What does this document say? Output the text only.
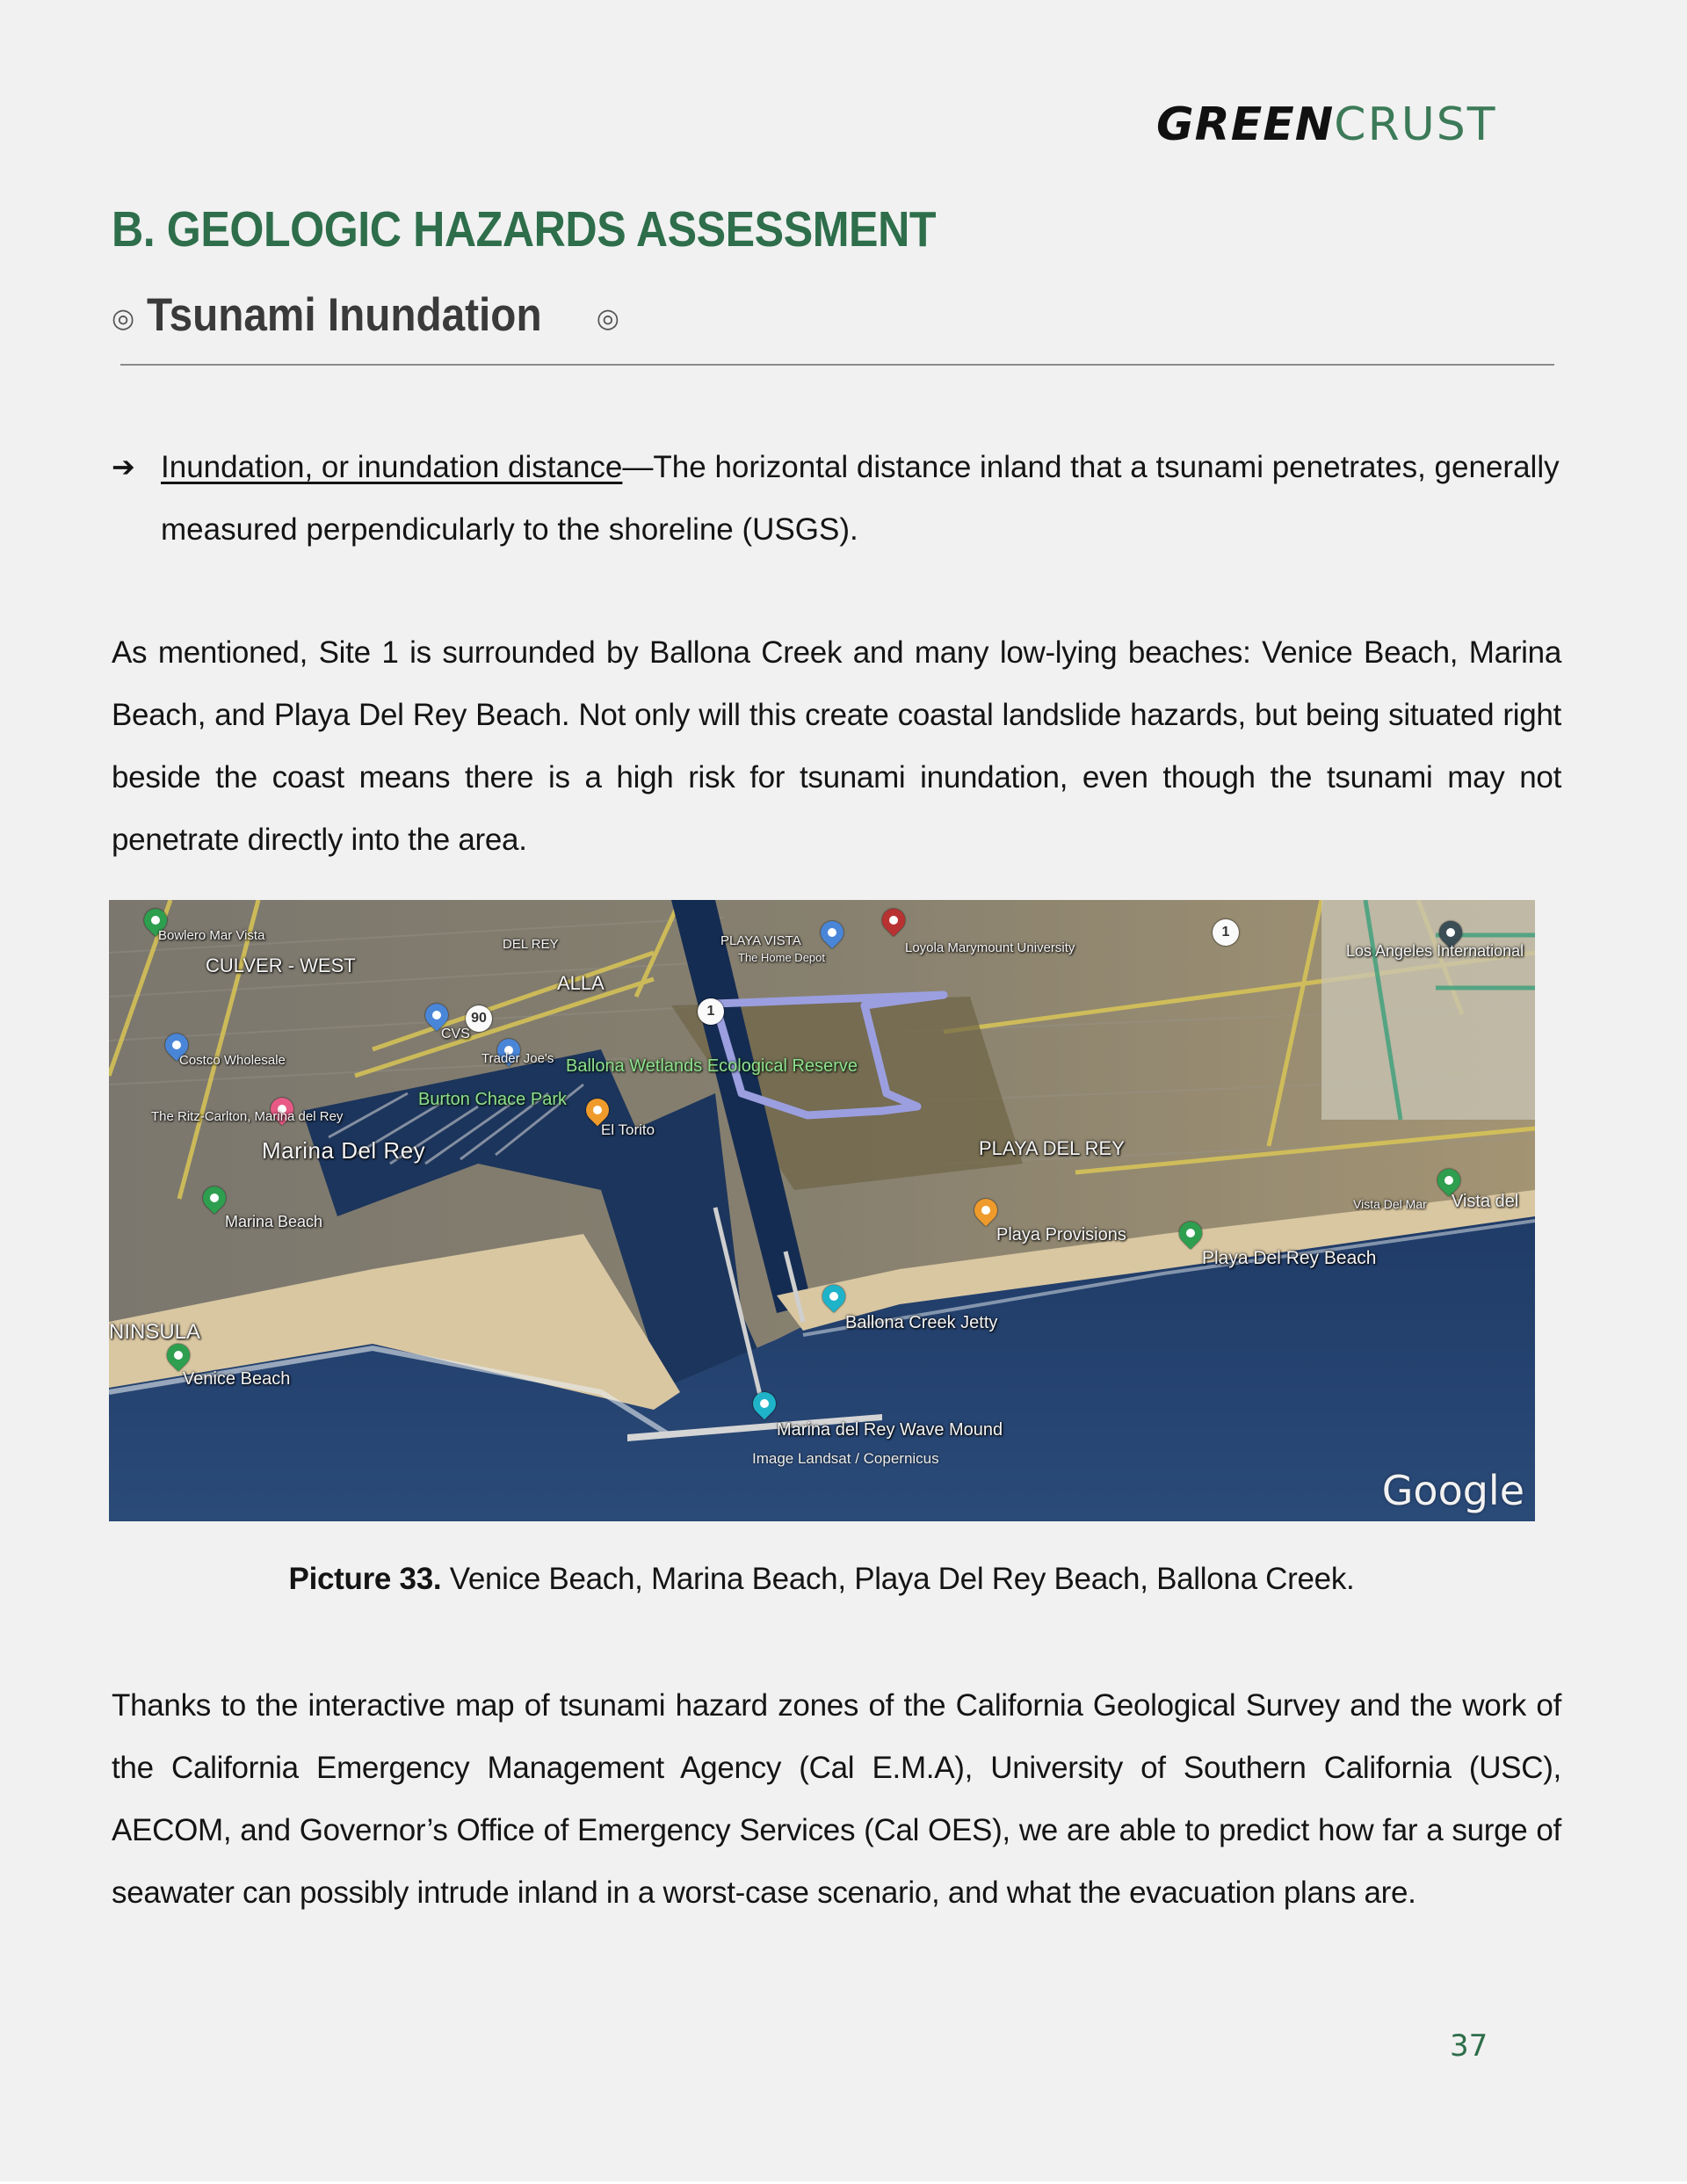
GREENCRUST
B. GEOLOGIC HAZARDS ASSESSMENT
◎ Tsunami Inundation ◎
➔ Inundation, or inundation distance—The horizontal distance inland that a tsunami penetrates, generally measured perpendicularly to the shoreline (USGS).

As mentioned, Site 1 is surrounded by Ballona Creek and many low-lying beaches: Venice Beach, Marina Beach, and Playa Del Rey Beach. Not only will this create coastal landslide hazards, but being situated right beside the coast means there is a high risk for tsunami inundation, even though the tsunami may not penetrate directly into the area.

90	1
1
Bowlero Mar Vista
CULVER - WEST
DEL REY
ALLA
PLAYA VISTA
The Home Depot
Loyola Marymount University	Los Angeles International
Costco Wholesale
CVS
Trader Joe's Ballona Wetlands Ecological Reserve
Burton Chace Park
The Ritz-Carlton, Marina del Rey
El Torito
Marina Del Rey	PLAYA DEL REY
Marina Beach
Playa Provisions
Vista Del Mar Vista del
Playa Del Rey Beach
NINSULA
Venice Beach
Ballona Creek Jetty
Marina del Rey Wave Mound
Image Landsat / Copernicus
Google

Picture 33. Venice Beach, Marina Beach, Playa Del Rey Beach, Ballona Creek.

Thanks to the interactive map of tsunami hazard zones of the California Geological Survey and the work of the California Emergency Management Agency (Cal E.M.A), University of Southern California (USC), AECOM, and Governor’s Office of Emergency Services (Cal OES), we are able to predict how far a surge of seawater can possibly intrude inland in a worst-case scenario, and what the evacuation plans are.

37
